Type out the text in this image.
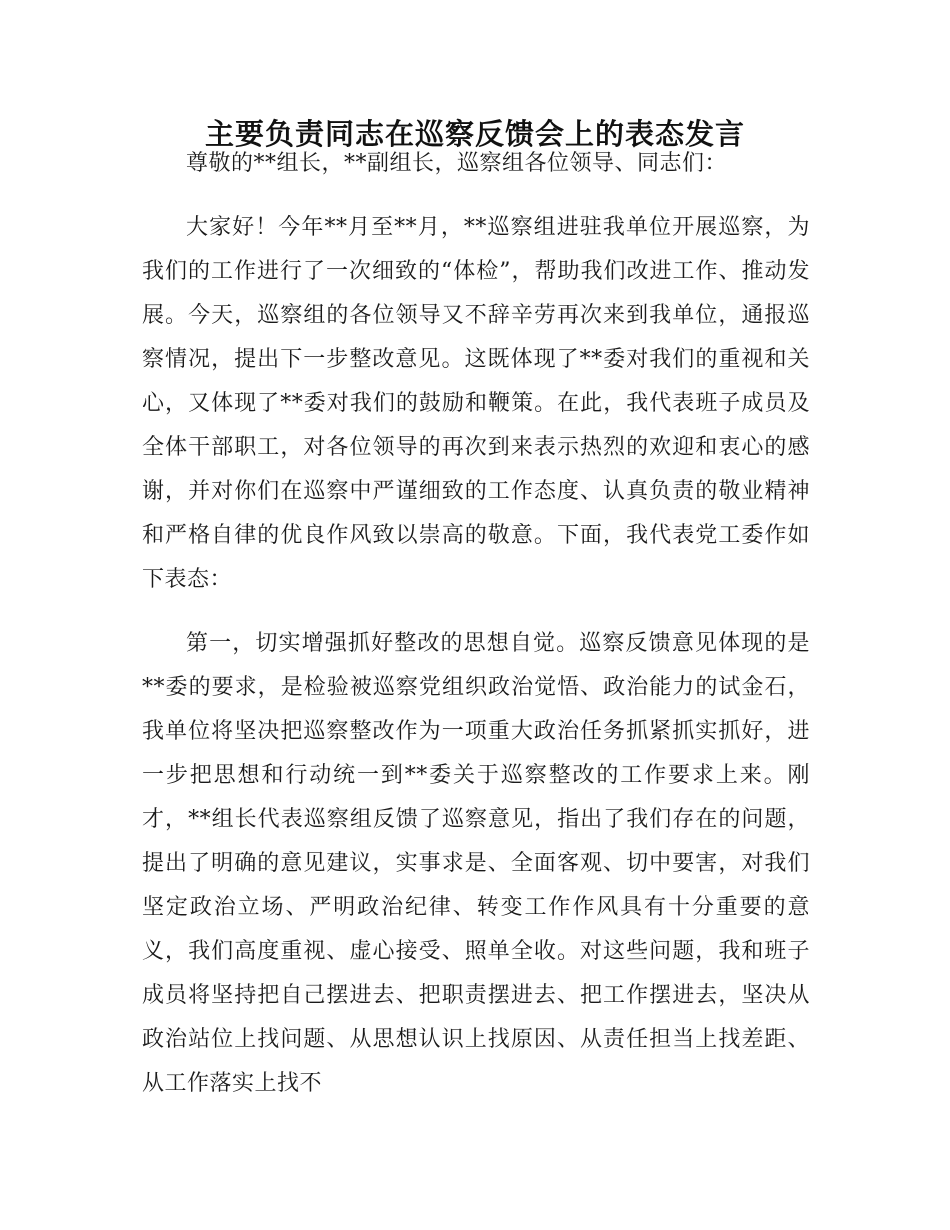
主要负责同志在巡察反馈会上的表态发言

尊敬的**组长，**副组长，巡察组各位领导、同志们：

大家好！今年**月至**月，**巡察组进驻我单位开展巡察，为我们的工作进行了一次细致的“体检”，帮助我们改进工作、推动发展。今天，巡察组的各位领导又不辞辛劳再次来到我单位，通报巡察情况，提出下一步整改意见。这既体现了**委对我们的重视和关心，又体现了**委对我们的鼓励和鞭策。在此，我代表班子成员及全体干部职工，对各位领导的再次到来表示热烈的欢迎和衷心的感谢，并对你们在巡察中严谨细致的工作态度、认真负责的敬业精神和严格自律的优良作风致以崇高的敬意。下面，我代表党工委作如下表态：

第一，切实增强抓好整改的思想自觉。巡察反馈意见体现的是**委的要求，是检验被巡察党组织政治觉悟、政治能力的试金石，我单位将坚决把巡察整改作为一项重大政治任务抓紧抓实抓好，进一步把思想和行动统一到**委关于巡察整改的工作要求上来。刚才，**组长代表巡察组反馈了巡察意见，指出了我们存在的问题，提出了明确的意见建议，实事求是、全面客观、切中要害，对我们坚定政治立场、严明政治纪律、转变工作作风具有十分重要的意义，我们高度重视、虚心接受、照单全收。对这些问题，我和班子成员将坚持把自己摆进去、把职责摆进去、把工作摆进去，坚决从政治站位上找问题、从思想认识上找原因、从责任担当上找差距、从工作落实上找不
